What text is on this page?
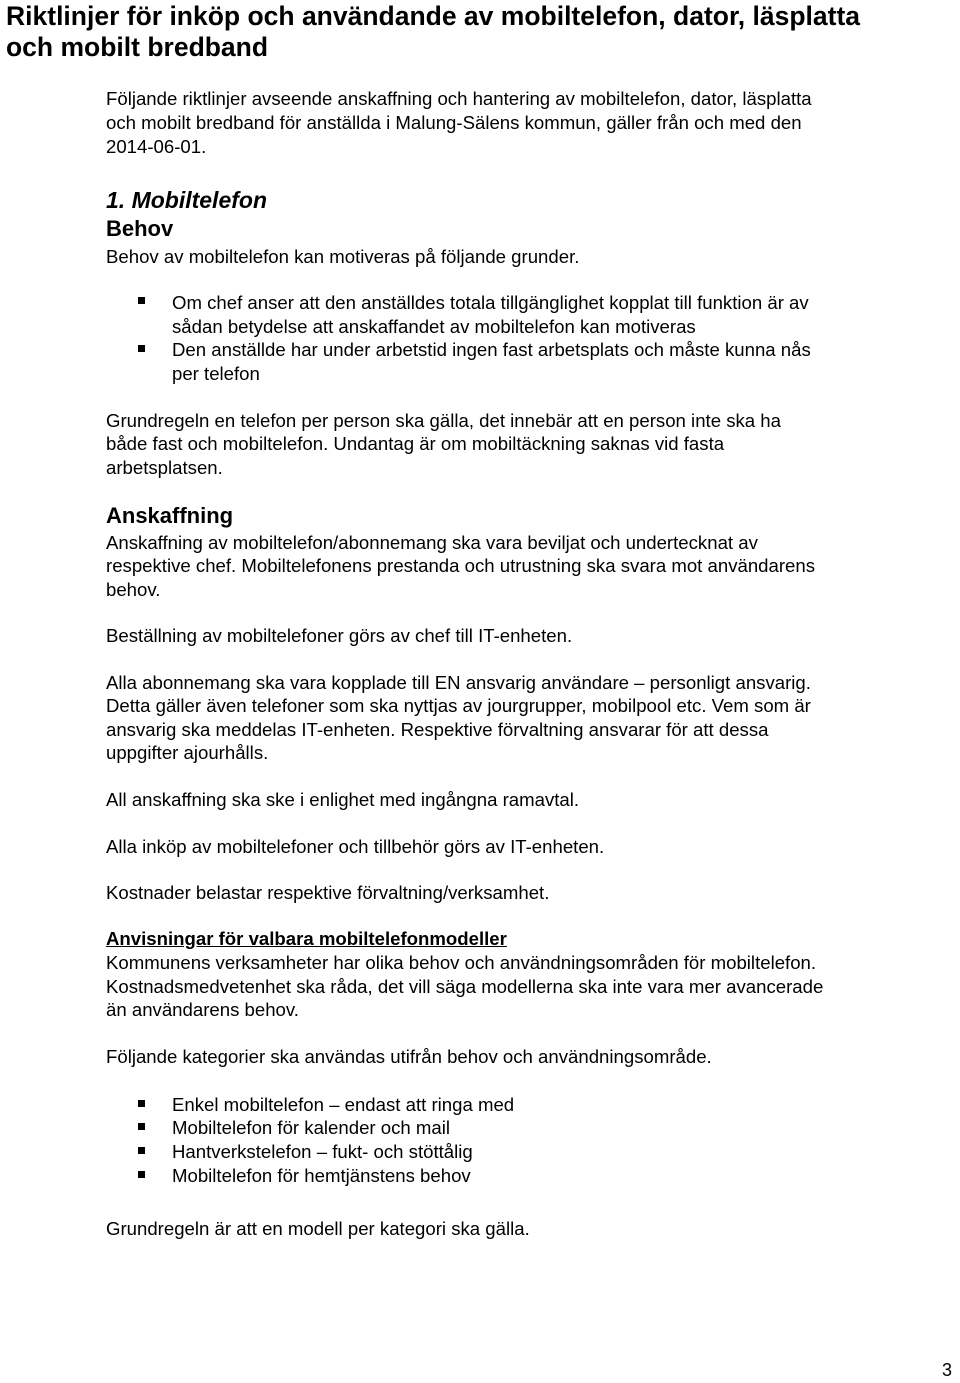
Riktlinjer för inköp och användande av mobiltelefon, dator, läsplatta
och mobilt bredband
Följande riktlinjer avseende anskaffning och hantering av mobiltelefon, dator, läsplatta
och mobilt bredband för anställda i Malung-Sälens kommun, gäller från och med den
2014-06-01.
1. Mobiltelefon
Behov
Behov av mobiltelefon kan motiveras på följande grunder.
Om chef anser att den anställdes totala tillgänglighet kopplat till funktion är av
sådan betydelse att anskaffandet av mobiltelefon kan motiveras
Den anställde har under arbetstid ingen fast arbetsplats och måste kunna nås
per telefon
Grundregeln en telefon per person ska gälla, det innebär att en person inte ska ha
både fast och mobiltelefon. Undantag är om mobiltäckning saknas vid fasta
arbetsplatsen.
Anskaffning
Anskaffning av mobiltelefon/abonnemang ska vara beviljat och undertecknat av
respektive chef. Mobiltelefonens prestanda och utrustning ska svara mot användarens
behov.
Beställning av mobiltelefoner görs av chef till IT-enheten.
Alla abonnemang ska vara kopplade till EN ansvarig användare – personligt ansvarig.
Detta gäller även telefoner som ska nyttjas av jourgrupper, mobilpool etc. Vem som är
ansvarig ska meddelas IT-enheten. Respektive förvaltning ansvarar för att dessa
uppgifter ajourhålls.
All anskaffning ska ske i enlighet med ingångna ramavtal.
Alla inköp av mobiltelefoner och tillbehör görs av IT-enheten.
Kostnader belastar respektive förvaltning/verksamhet.
Anvisningar för valbara mobiltelefonmodeller
Kommunens verksamheter har olika behov och användningsområden för mobiltelefon.
Kostnadsmedvetenhet ska råda, det vill säga modellerna ska inte vara mer avancerade
än användarens behov.
Följande kategorier ska användas utifrån behov och användningsområde.
Enkel mobiltelefon – endast att ringa med
Mobiltelefon för kalender och mail
Hantverkstelefon – fukt- och stöttålig
Mobiltelefon för hemtjänstens behov
Grundregeln är att en modell per kategori ska gälla.
3
